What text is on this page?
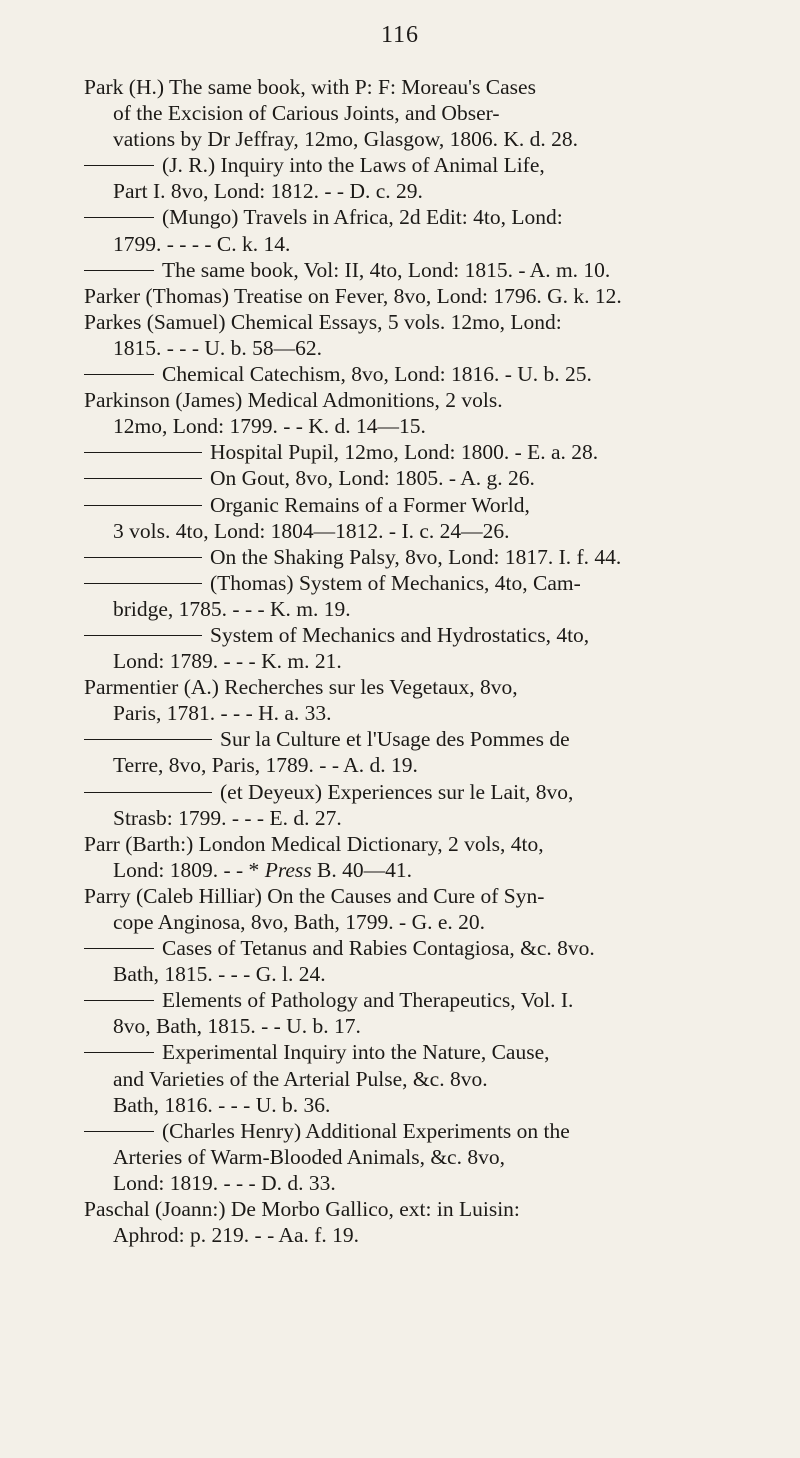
116
Park (H.) The same book, with P: F: Moreau's Cases
of the Excision of Carious Joints, and Obser-
vations by Dr Jeffray, 12mo, Glasgow, 1806. K. d. 28.
(J. R.) Inquiry into the Laws of Animal Life,
Part I. 8vo, Lond: 1812. - - D. c. 29.
(Mungo) Travels in Africa, 2d Edit: 4to, Lond:
1799. - - - - C. k. 14.
The same book, Vol: II, 4to, Lond: 1815. - A. m. 10.
Parker (Thomas) Treatise on Fever, 8vo, Lond: 1796. G. k. 12.
Parkes (Samuel) Chemical Essays, 5 vols. 12mo, Lond:
1815. - - - U. b. 58—62.
Chemical Catechism, 8vo, Lond: 1816. - U. b. 25.
Parkinson (James) Medical Admonitions, 2 vols.
12mo, Lond: 1799. - - K. d. 14—15.
Hospital Pupil, 12mo, Lond: 1800. - E. a. 28.
On Gout, 8vo, Lond: 1805. - A. g. 26.
Organic Remains of a Former World,
3 vols. 4to, Lond: 1804—1812. - I. c. 24—26.
On the Shaking Palsy, 8vo, Lond: 1817. I. f. 44.
(Thomas) System of Mechanics, 4to, Cam-
bridge, 1785. - - - K. m. 19.
System of Mechanics and Hydrostatics, 4to,
Lond: 1789. - - - K. m. 21.
Parmentier (A.) Recherches sur les Vegetaux, 8vo,
Paris, 1781. - - - H. a. 33.
Sur la Culture et l'Usage des Pommes de
Terre, 8vo, Paris, 1789. - - A. d. 19.
(et Deyeux) Experiences sur le Lait, 8vo,
Strasb: 1799. - - - E. d. 27.
Parr (Barth:) London Medical Dictionary, 2 vols, 4to,
Lond: 1809. - - * Press B. 40—41.
Parry (Caleb Hilliar) On the Causes and Cure of Syn-
cope Anginosa, 8vo, Bath, 1799. - G. e. 20.
Cases of Tetanus and Rabies Contagiosa, &c. 8vo.
Bath, 1815. - - - G. l. 24.
Elements of Pathology and Therapeutics, Vol. I.
8vo, Bath, 1815. - - U. b. 17.
Experimental Inquiry into the Nature, Cause,
and Varieties of the Arterial Pulse, &c. 8vo.
Bath, 1816. - - - U. b. 36.
(Charles Henry) Additional Experiments on the
Arteries of Warm-Blooded Animals, &c. 8vo,
Lond: 1819. - - - D. d. 33.
Paschal (Joann:) De Morbo Gallico, ext: in Luisin:
Aphrod: p. 219. - - Aa. f. 19.
